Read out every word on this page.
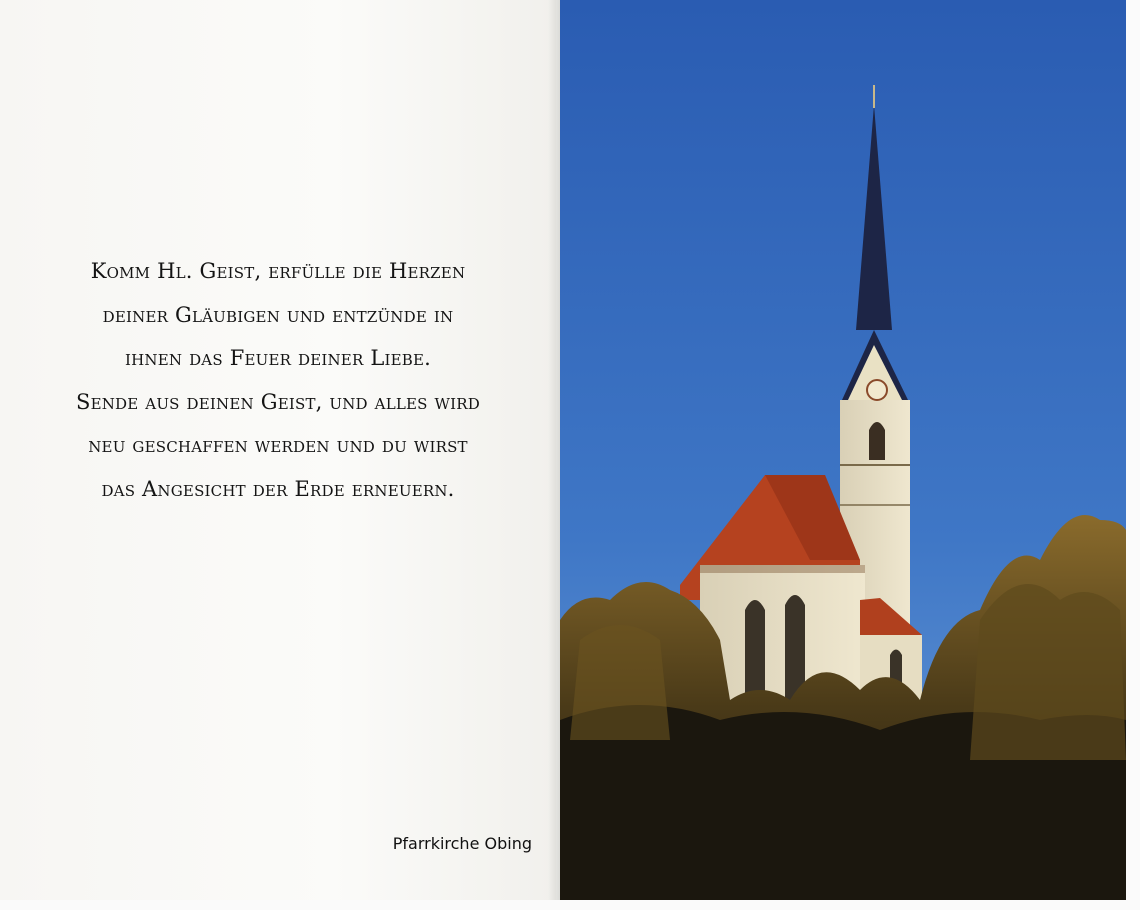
Komm Hl. Geist, erfülle die Herzen
deiner Gläubigen und entzünde in
ihnen das Feuer deiner Liebe.
Sende aus deinen Geist, und alles wird
neu geschaffen werden und du wirst
das Angesicht der Erde erneuern.
Pfarrkirche Obing
